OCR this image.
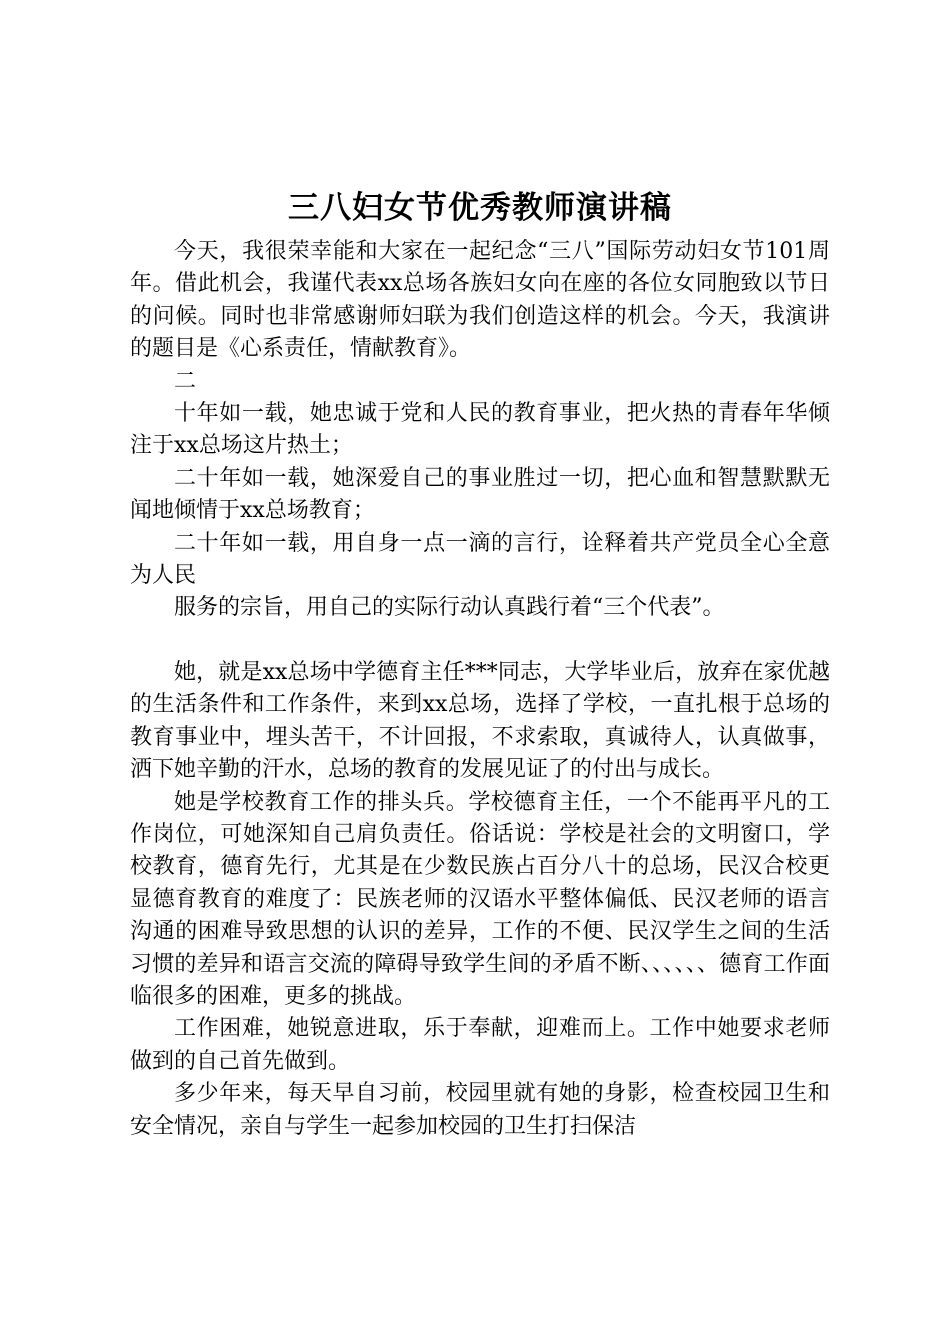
三八妇女节优秀教师演讲稿

今天，我很荣幸能和大家在一起纪念“三八”国际劳动妇女节101周年。借此机会，我谨代表xx总场各族妇女向在座的各位女同胞致以节日的问候。同时也非常感谢师妇联为我们创造这样的机会。今天，我演讲的题目是《心系责任，情献教育》。

二

十年如一载，她忠诚于党和人民的教育事业，把火热的青春年华倾注于xx总场这片热土；

二十年如一载，她深爱自己的事业胜过一切，把心血和智慧默默无闻地倾情于xx总场教育；

二十年如一载，用自身一点一滴的言行，诠释着共产党员全心全意为人民

服务的宗旨，用自己的实际行动认真践行着“三个代表”。

她，就是xx总场中学德育主任***同志，大学毕业后，放弃在家优越的生活条件和工作条件，来到xx总场，选择了学校，一直扎根于总场的教育事业中，埋头苦干，不计回报，不求索取，真诚待人，认真做事，洒下她辛勤的汗水，总场的教育的发展见证了的付出与成长。

她是学校教育工作的排头兵。学校德育主任，一个不能再平凡的工作岗位，可她深知自己肩负责任。俗话说：学校是社会的文明窗口，学校教育，德育先行，尤其是在少数民族占百分八十的总场，民汉合校更显德育教育的难度了：民族老师的汉语水平整体偏低、民汉老师的语言沟通的困难导致思想的认识的差异，工作的不便、民汉学生之间的生活习惯的差异和语言交流的障碍导致学生间的矛盾不断、、、、、、德育工作面临很多的困难，更多的挑战。

工作困难，她锐意进取，乐于奉献，迎难而上。工作中她要求老师做到的自己首先做到。

多少年来，每天早自习前，校园里就有她的身影，检查校园卫生和安全情况，亲自与学生一起参加校园的卫生打扫保洁
